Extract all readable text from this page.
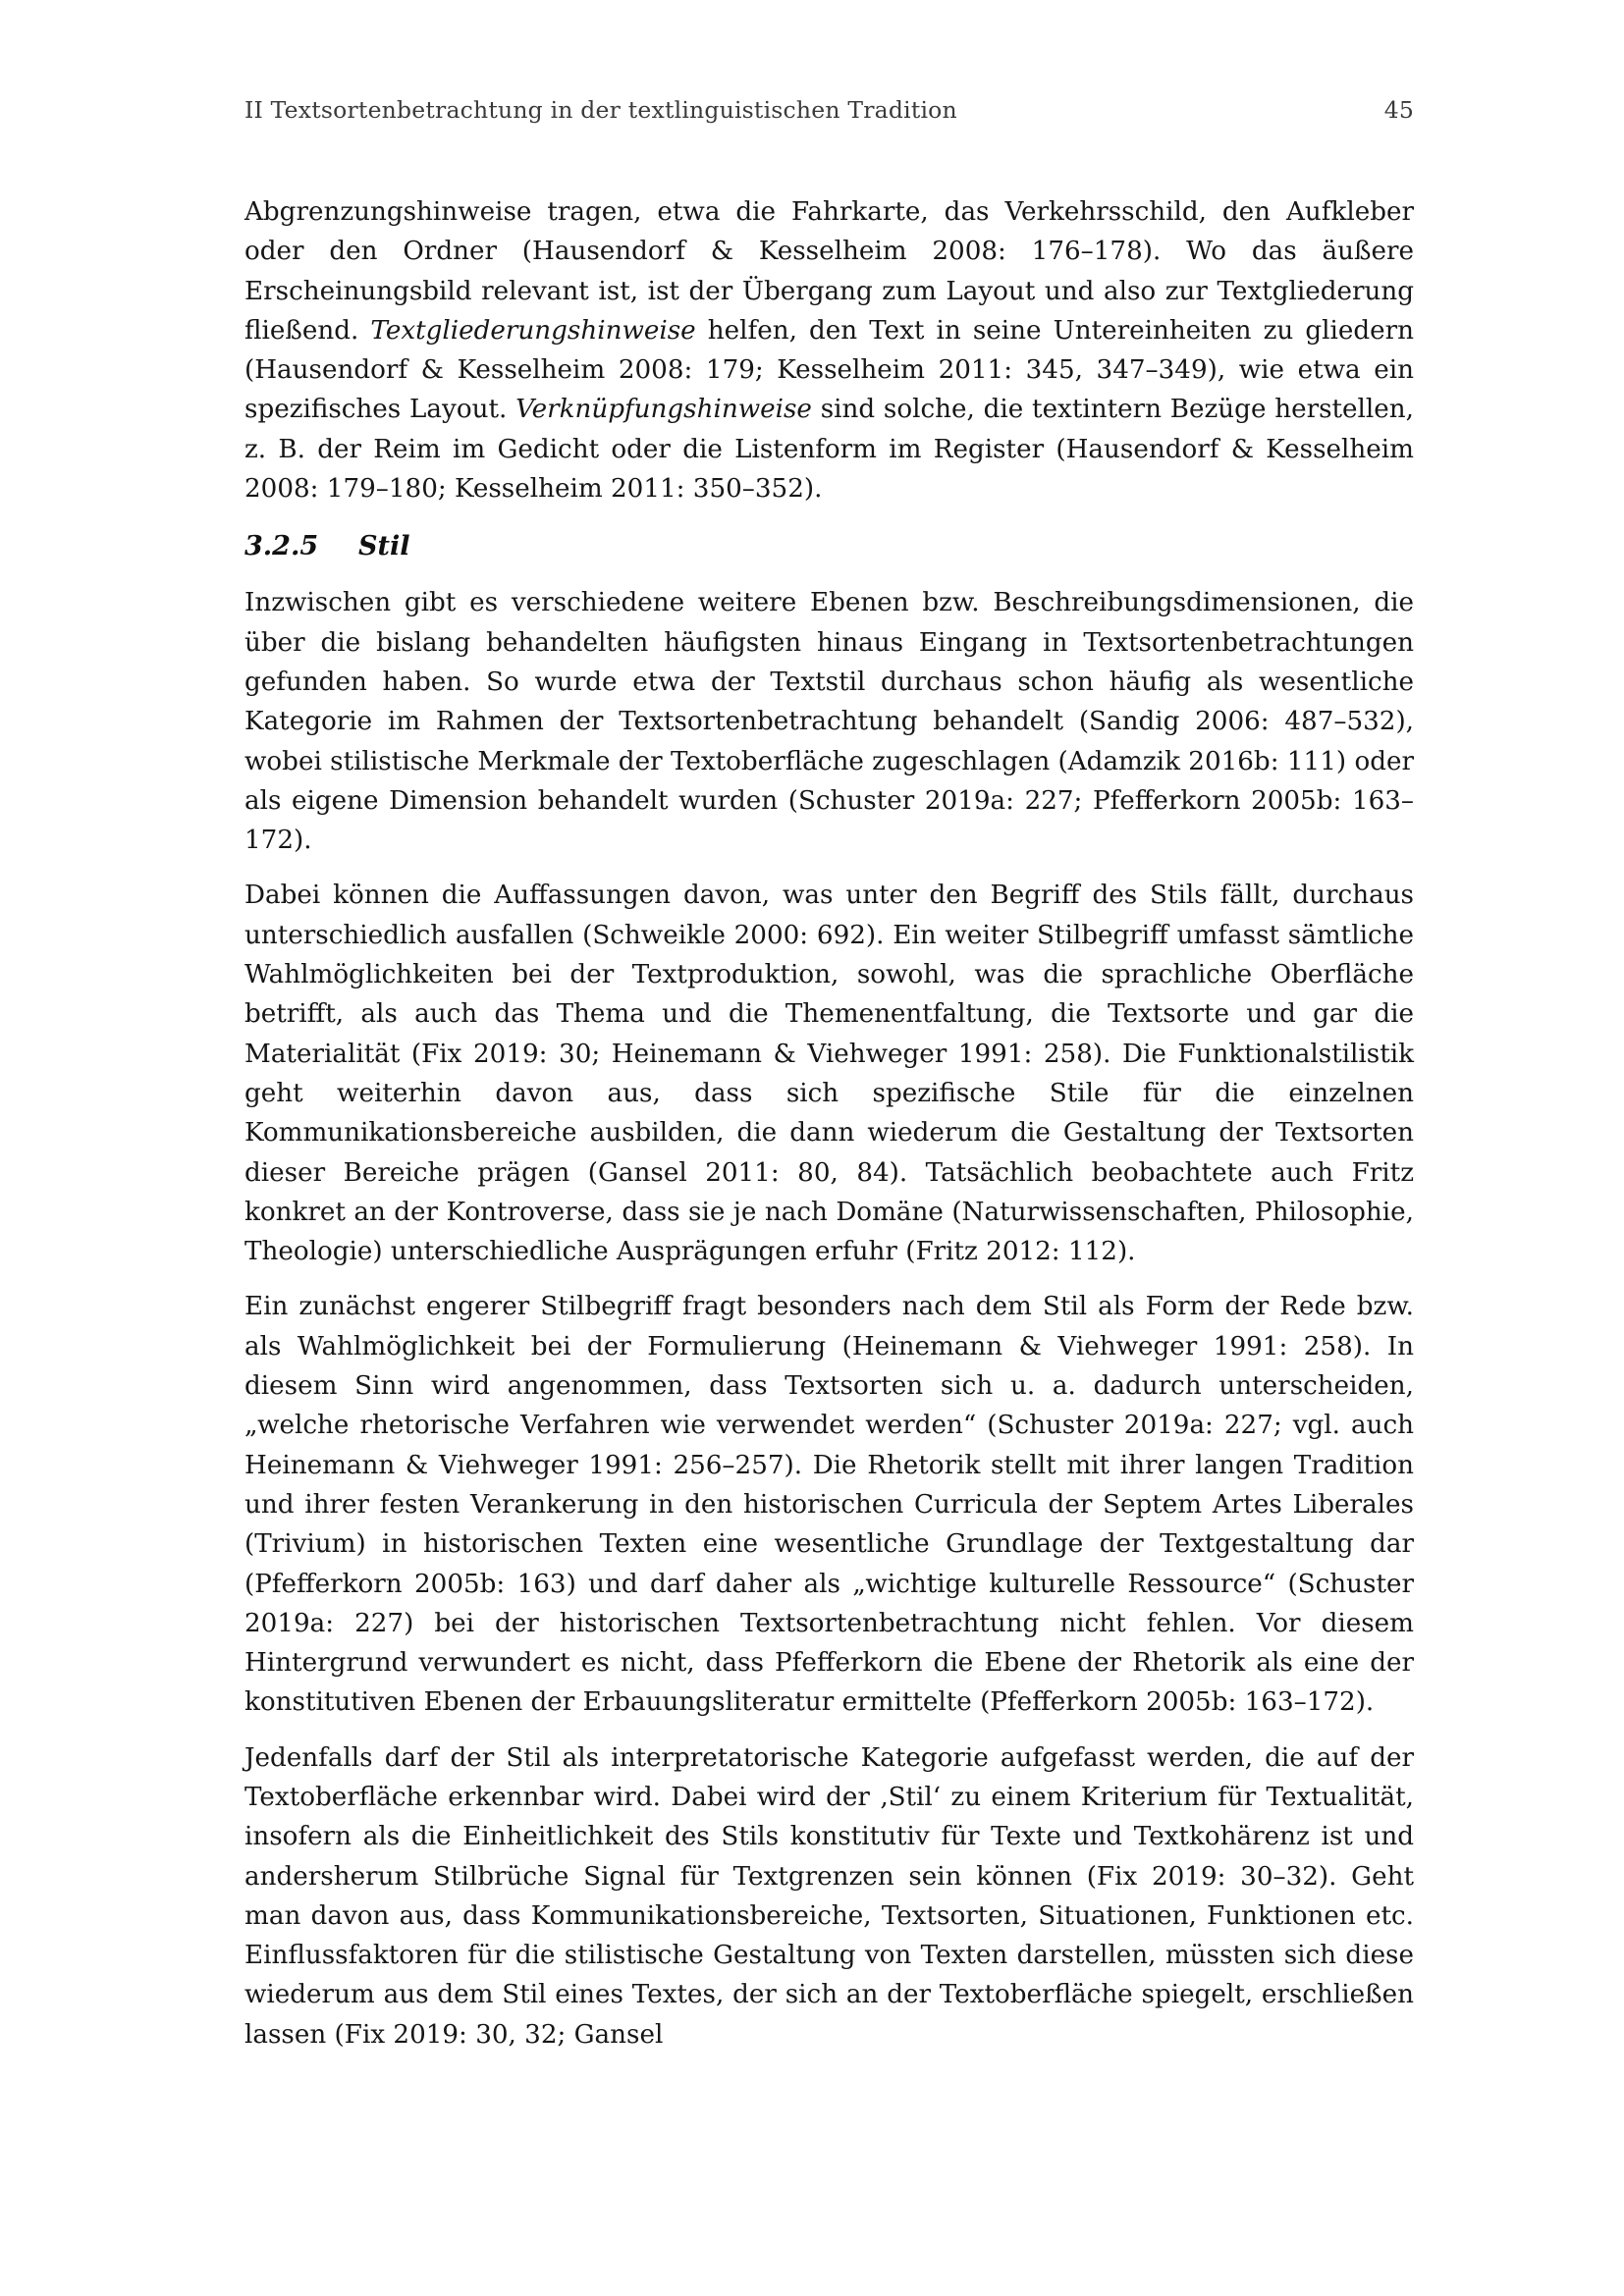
II Textsortenbetrachtung in der textlinguistischen Tradition	45

Abgrenzungshinweise tragen, etwa die Fahrkarte, das Verkehrsschild, den Aufkleber oder den Ordner (Hausendorf & Kesselheim 2008: 176–178). Wo das äußere Erscheinungsbild relevant ist, ist der Übergang zum Layout und also zur Textgliederung fließend. Textgliederungshinweise helfen, den Text in seine Untereinheiten zu gliedern (Hausendorf & Kesselheim 2008: 179; Kesselheim 2011: 345, 347–349), wie etwa ein spezifisches Layout. Verknüpfungshinweise sind solche, die textintern Bezüge herstellen, z. B. der Reim im Gedicht oder die Listenform im Register (Hausendorf & Kesselheim 2008: 179–180; Kesselheim 2011: 350–352).

3.2.5 Stil

Inzwischen gibt es verschiedene weitere Ebenen bzw. Beschreibungsdimensionen, die über die bislang behandelten häufigsten hinaus Eingang in Textsortenbetrachtungen gefunden haben. So wurde etwa der Textstil durchaus schon häufig als wesentliche Kategorie im Rahmen der Textsortenbetrachtung behandelt (Sandig 2006: 487–532), wobei stilistische Merkmale der Textoberfläche zugeschlagen (Adamzik 2016b: 111) oder als eigene Dimension behandelt wurden (Schuster 2019a: 227; Pfefferkorn 2005b: 163–172).

Dabei können die Auffassungen davon, was unter den Begriff des Stils fällt, durchaus unterschiedlich ausfallen (Schweikle 2000: 692). Ein weiter Stilbegriff umfasst sämtliche Wahlmöglichkeiten bei der Textproduktion, sowohl, was die sprachliche Oberfläche betrifft, als auch das Thema und die Themenentfaltung, die Textsorte und gar die Materialität (Fix 2019: 30; Heinemann & Viehweger 1991: 258). Die Funktionalstilistik geht weiterhin davon aus, dass sich spezifische Stile für die einzelnen Kommunikationsbereiche ausbilden, die dann wiederum die Gestaltung der Textsorten dieser Bereiche prägen (Gansel 2011: 80, 84). Tatsächlich beobachtete auch Fritz konkret an der Kontroverse, dass sie je nach Domäne (Naturwissenschaften, Philosophie, Theologie) unterschiedliche Ausprägungen erfuhr (Fritz 2012: 112).

Ein zunächst engerer Stilbegriff fragt besonders nach dem Stil als Form der Rede bzw. als Wahlmöglichkeit bei der Formulierung (Heinemann & Viehweger 1991: 258). In diesem Sinn wird angenommen, dass Textsorten sich u. a. dadurch unterscheiden, „welche rhetorische Verfahren wie verwendet werden“ (Schuster 2019a: 227; vgl. auch Heinemann & Viehweger 1991: 256–257). Die Rhetorik stellt mit ihrer langen Tradition und ihrer festen Verankerung in den historischen Curricula der Septem Artes Liberales (Trivium) in historischen Texten eine wesentliche Grundlage der Textgestaltung dar (Pfefferkorn 2005b: 163) und darf daher als „wichtige kulturelle Ressource“ (Schuster 2019a: 227) bei der historischen Textsortenbetrachtung nicht fehlen. Vor diesem Hintergrund verwundert es nicht, dass Pfefferkorn die Ebene der Rhetorik als eine der konstitutiven Ebenen der Erbauungsliteratur ermittelte (Pfefferkorn 2005b: 163–172).

Jedenfalls darf der Stil als interpretatorische Kategorie aufgefasst werden, die auf der Textoberfläche erkennbar wird. Dabei wird der ‚Stil‘ zu einem Kriterium für Textualität, insofern als die Einheitlichkeit des Stils konstitutiv für Texte und Textkohärenz ist und andersherum Stilbrüche Signal für Textgrenzen sein können (Fix 2019: 30–32). Geht man davon aus, dass Kommunikationsbereiche, Textsorten, Situationen, Funktionen etc. Einflussfaktoren für die stilistische Gestaltung von Texten darstellen, müssten sich diese wiederum aus dem Stil eines Textes, der sich an der Textoberfläche spiegelt, erschließen lassen (Fix 2019: 30, 32; Gansel
